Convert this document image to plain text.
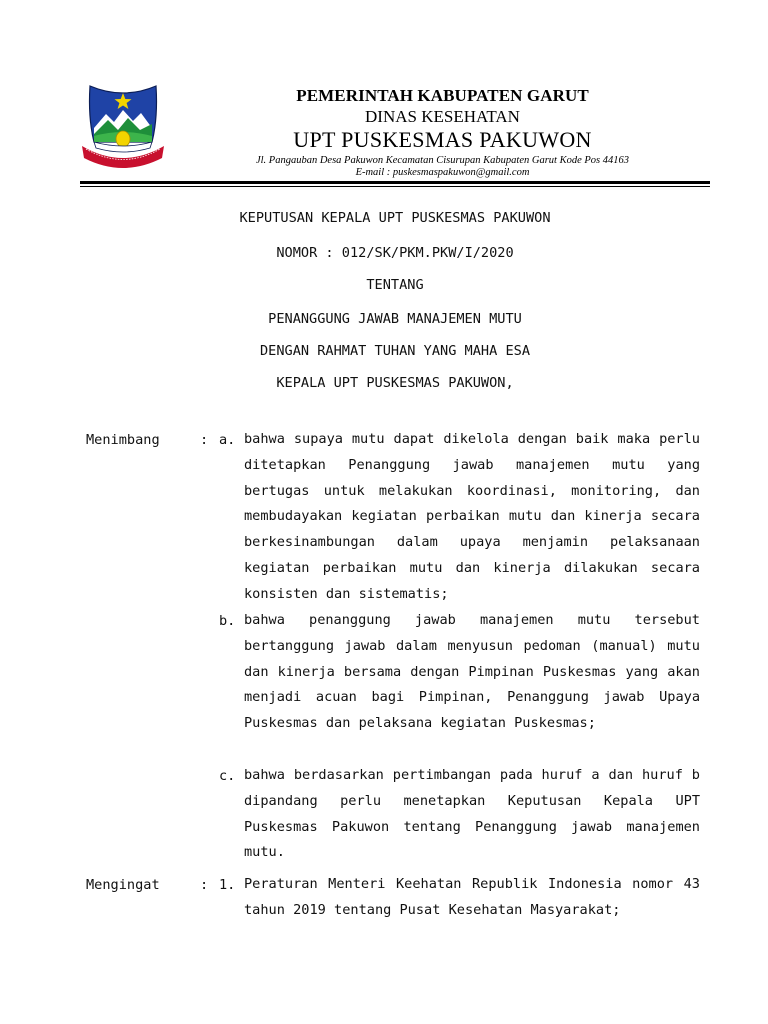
PEMERINTAH KABUPATEN GARUT
DINAS KESEHATAN
UPT PUSKESMAS PAKUWON
Jl. Pangauban Desa Pakuwon Kecamatan Cisurupan Kabupaten Garut Kode Pos 44163
E-mail : puskesmaspakuwon@gmail.com
KEPUTUSAN KEPALA UPT PUSKESMAS PAKUWON
NOMOR : 012/SK/PKM.PKW/I/2020
TENTANG
PENANGGUNG JAWAB MANAJEMEN MUTU
DENGAN RAHMAT TUHAN YANG MAHA ESA
KEPALA UPT PUSKESMAS PAKUWON,
Menimbang	: a. bahwa supaya mutu dapat dikelola dengan baik maka perlu ditetapkan Penanggung jawab manajemen mutu yang bertugas untuk melakukan koordinasi, monitoring, dan membudayakan kegiatan perbaikan mutu dan kinerja secara berkesinambungan dalam upaya menjamin pelaksanaan kegiatan perbaikan mutu dan kinerja dilakukan secara konsisten dan sistematis;
b. bahwa penanggung jawab manajemen mutu tersebut bertanggung jawab dalam menyusun pedoman (manual) mutu dan kinerja bersama dengan Pimpinan Puskesmas yang akan menjadi acuan bagi Pimpinan, Penanggung jawab Upaya Puskesmas dan pelaksana kegiatan Puskesmas;
c. bahwa berdasarkan pertimbangan pada huruf a dan huruf b dipandang perlu menetapkan Keputusan Kepala UPT Puskesmas Pakuwon tentang Penanggung jawab manajemen mutu.
Mengingat	: 1. Peraturan Menteri Keehatan Republik Indonesia nomor 43 tahun 2019 tentang Pusat Kesehatan Masyarakat;
